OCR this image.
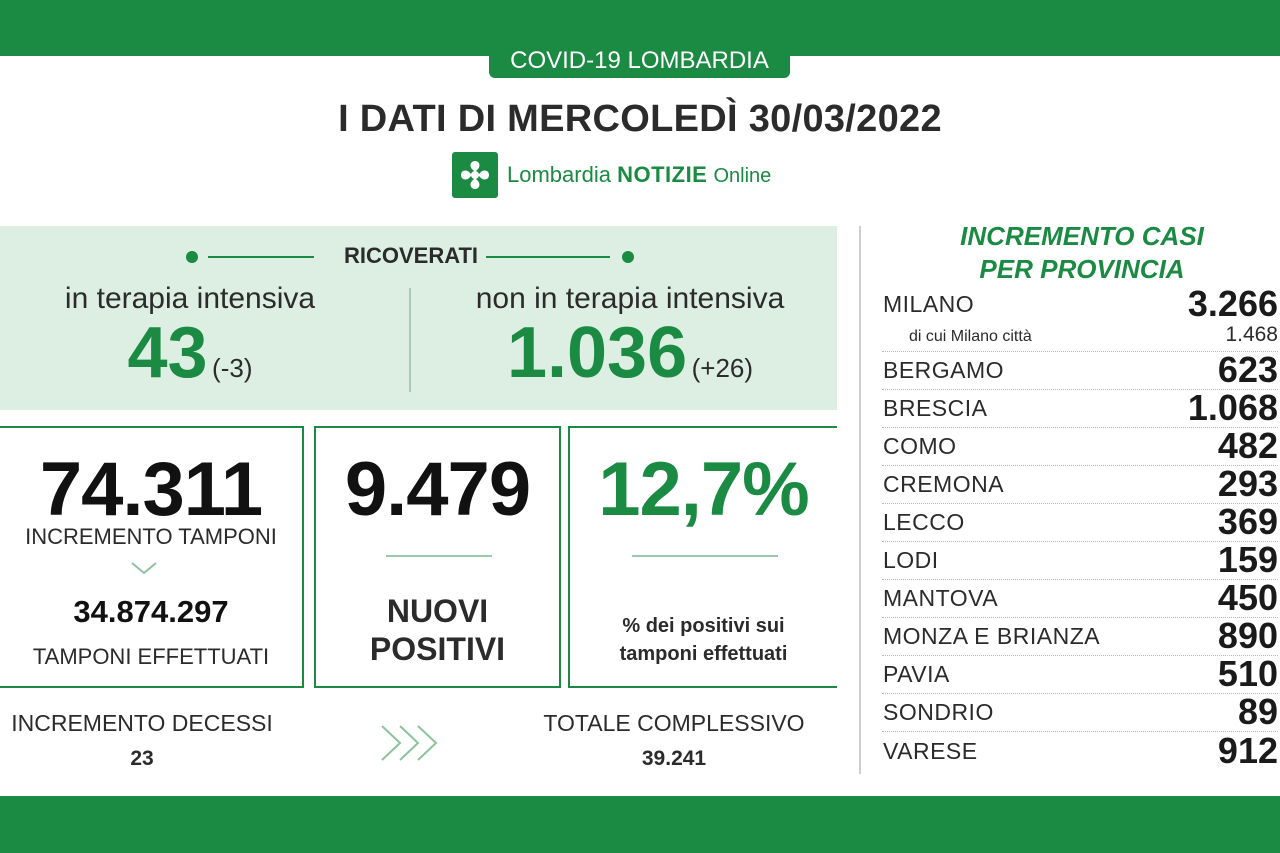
COVID-19 LOMBARDIA
I DATI DI MERCOLEDÌ 30/03/2022
Lombardia NOTIZIE Online
RICOVERATI
in terapia intensiva
43 (-3)
non in terapia intensiva
1.036 (+26)
74.311
INCREMENTO TAMPONI
34.874.297
TAMPONI EFFETTUATI
9.479
NUOVI
POSITIVI
12,7%
% dei positivi sui
tamponi effettuati
INCREMENTO DECESSI
23
TOTALE COMPLESSIVO
39.241
INCREMENTO CASI
PER PROVINCIA
MILANO	3.266
di cui Milano città	1.468
BERGAMO	623
BRESCIA	1.068
COMO	482
CREMONA	293
LECCO	369
LODI	159
MANTOVA	450
MONZA E BRIANZA	890
PAVIA	510
SONDRIO	89
VARESE	912
